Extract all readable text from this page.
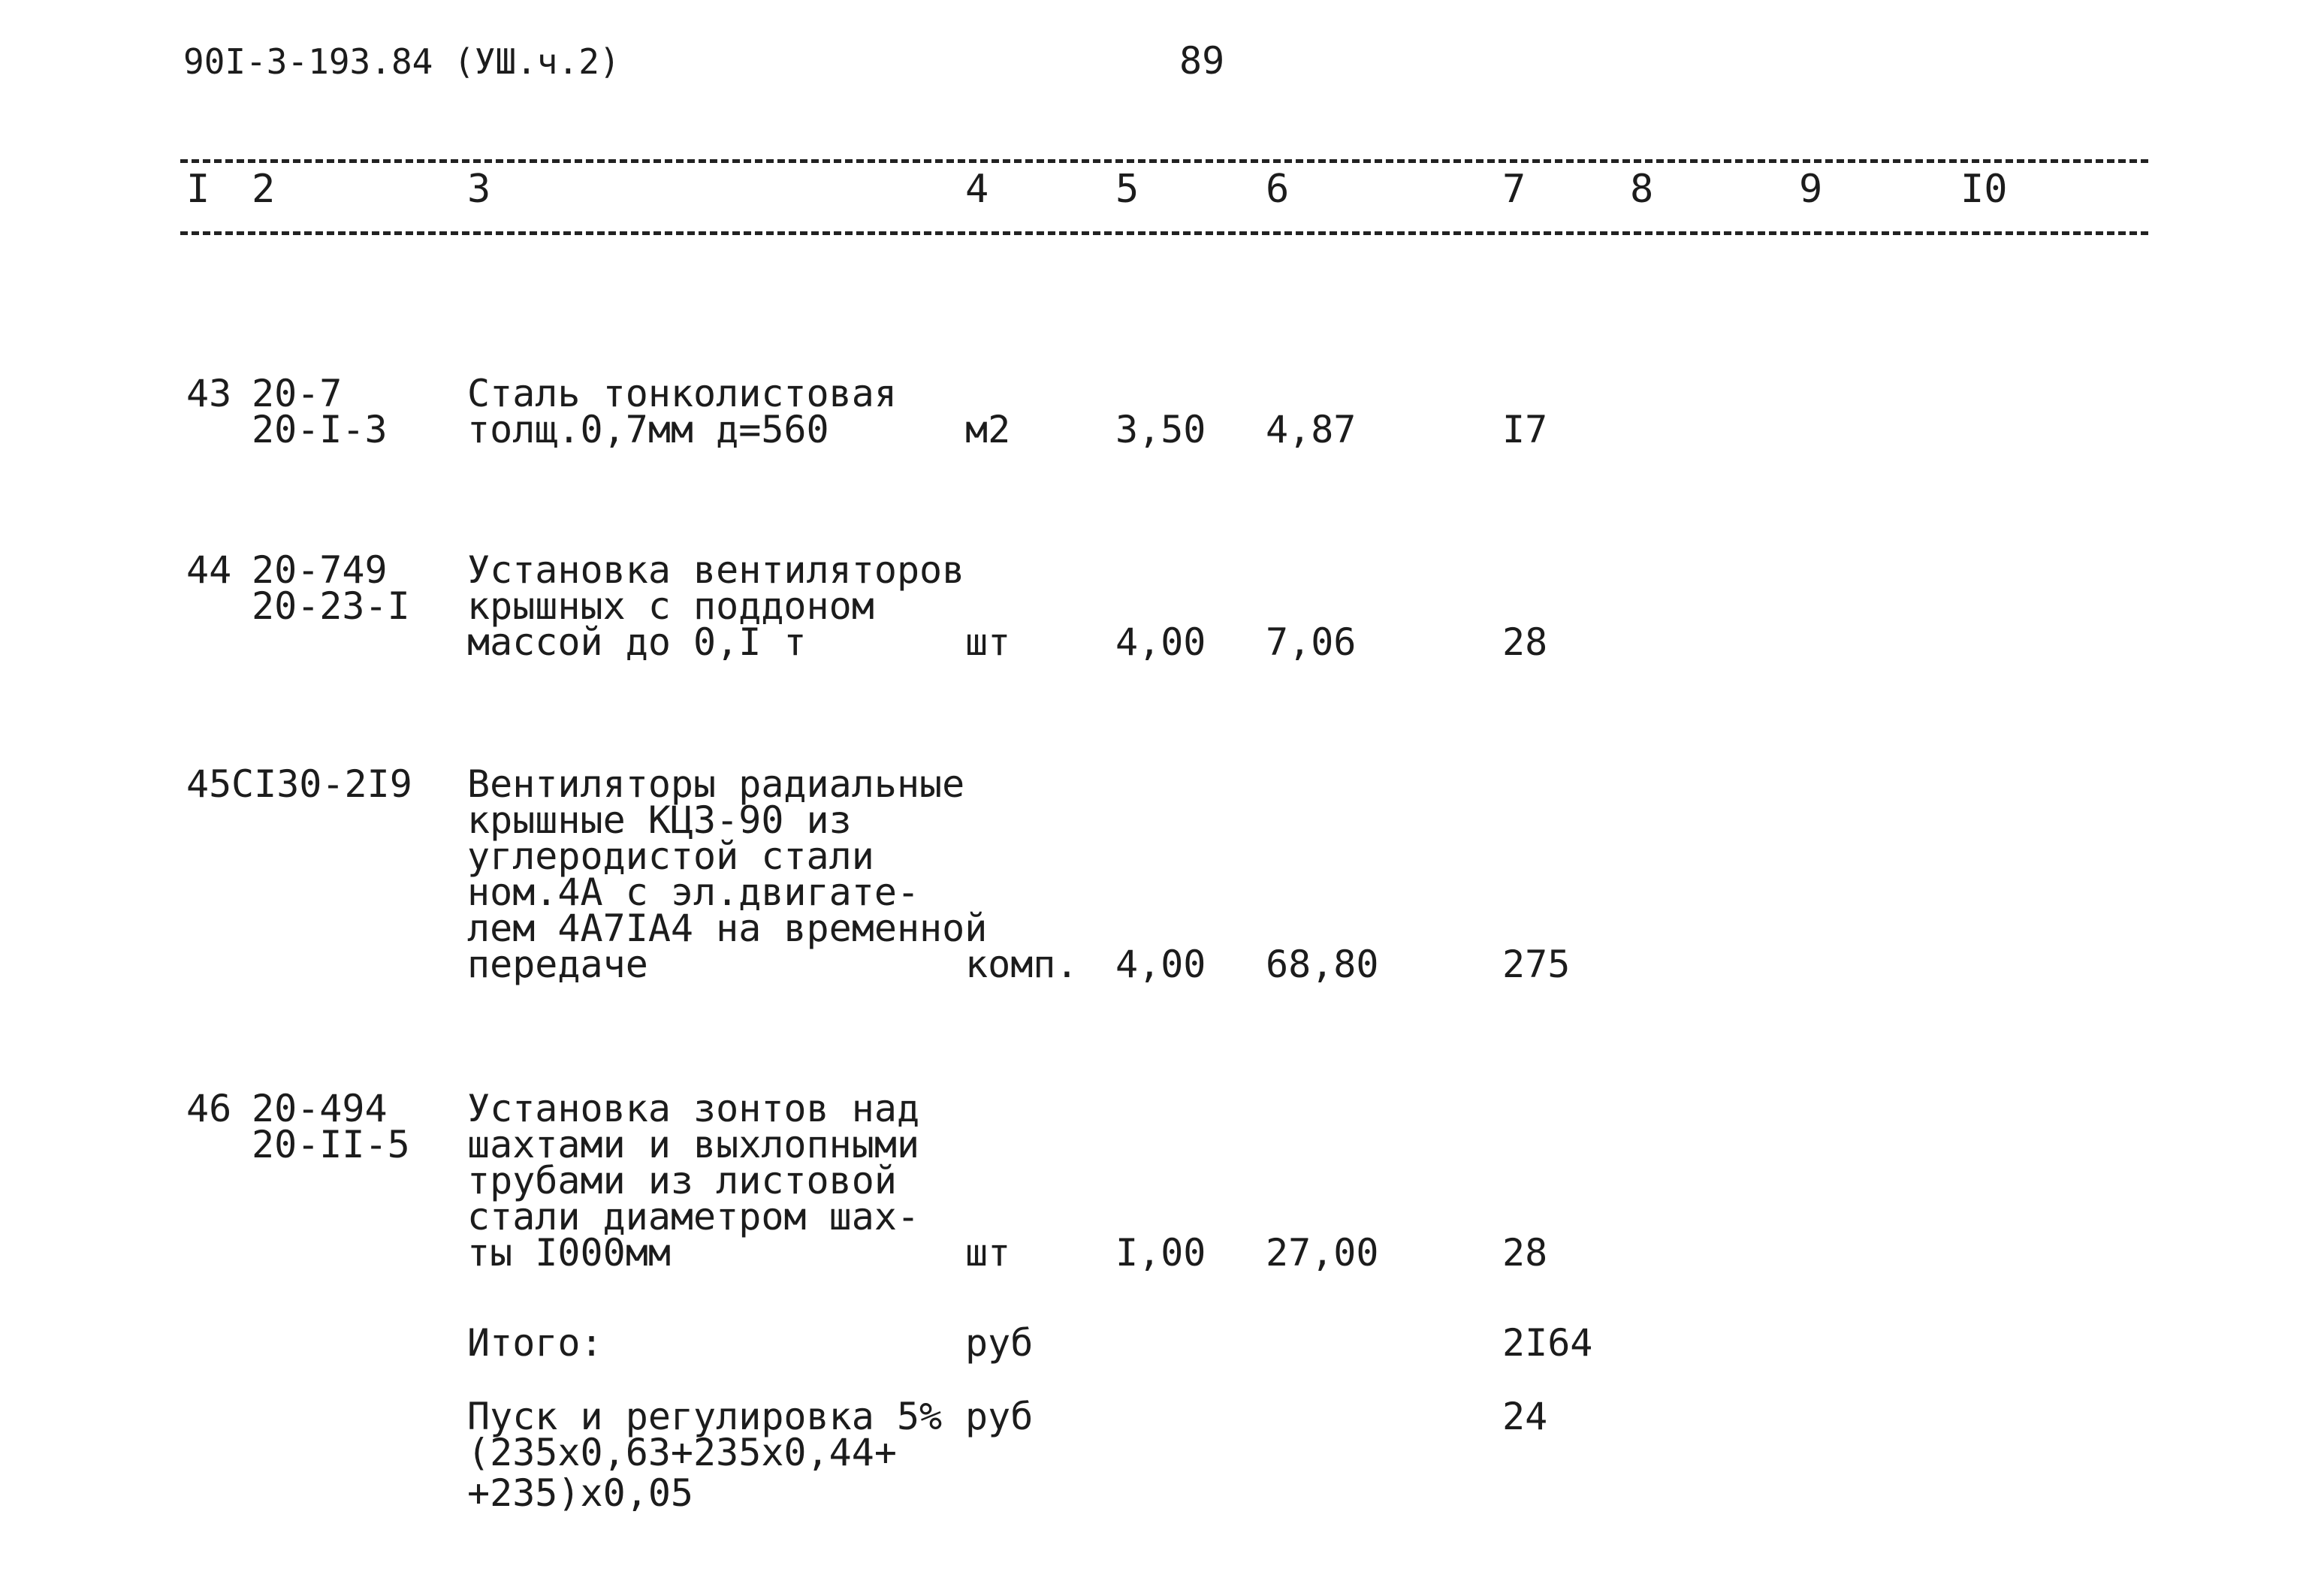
90I-3-193.84 (УШ.ч.2)	89
I 2	3	4	5	6	7	8	9	I0
43 20-7
20-I-3
Сталь тонколистовая
толщ.0,7мм д=560	м2	3,50 4,87	I7
44 20-749
20-23-I
Установка вентиляторов
крышных с поддоном
массой до 0,I т	шт	4,00 7,06	28
45 CI30-2I9 Вентиляторы радиальные
крышные КЦЗ-90 из
углеродистой стали
ном.4А с эл.двигате-
лем 4А7IА4 на временной
передаче	комп. 4,00 68,80	275
46 20-494
20-II-5
Установка зонтов над
шахтами и выхлопными
трубами из листовой
стали диаметром шах-
ты I000мм	шт	I,00 27,00	28
Итого:	руб	2I64
Пуск и регулировка 5%
(235х0,63+235х0,44+
+235)х0,05
руб	24
